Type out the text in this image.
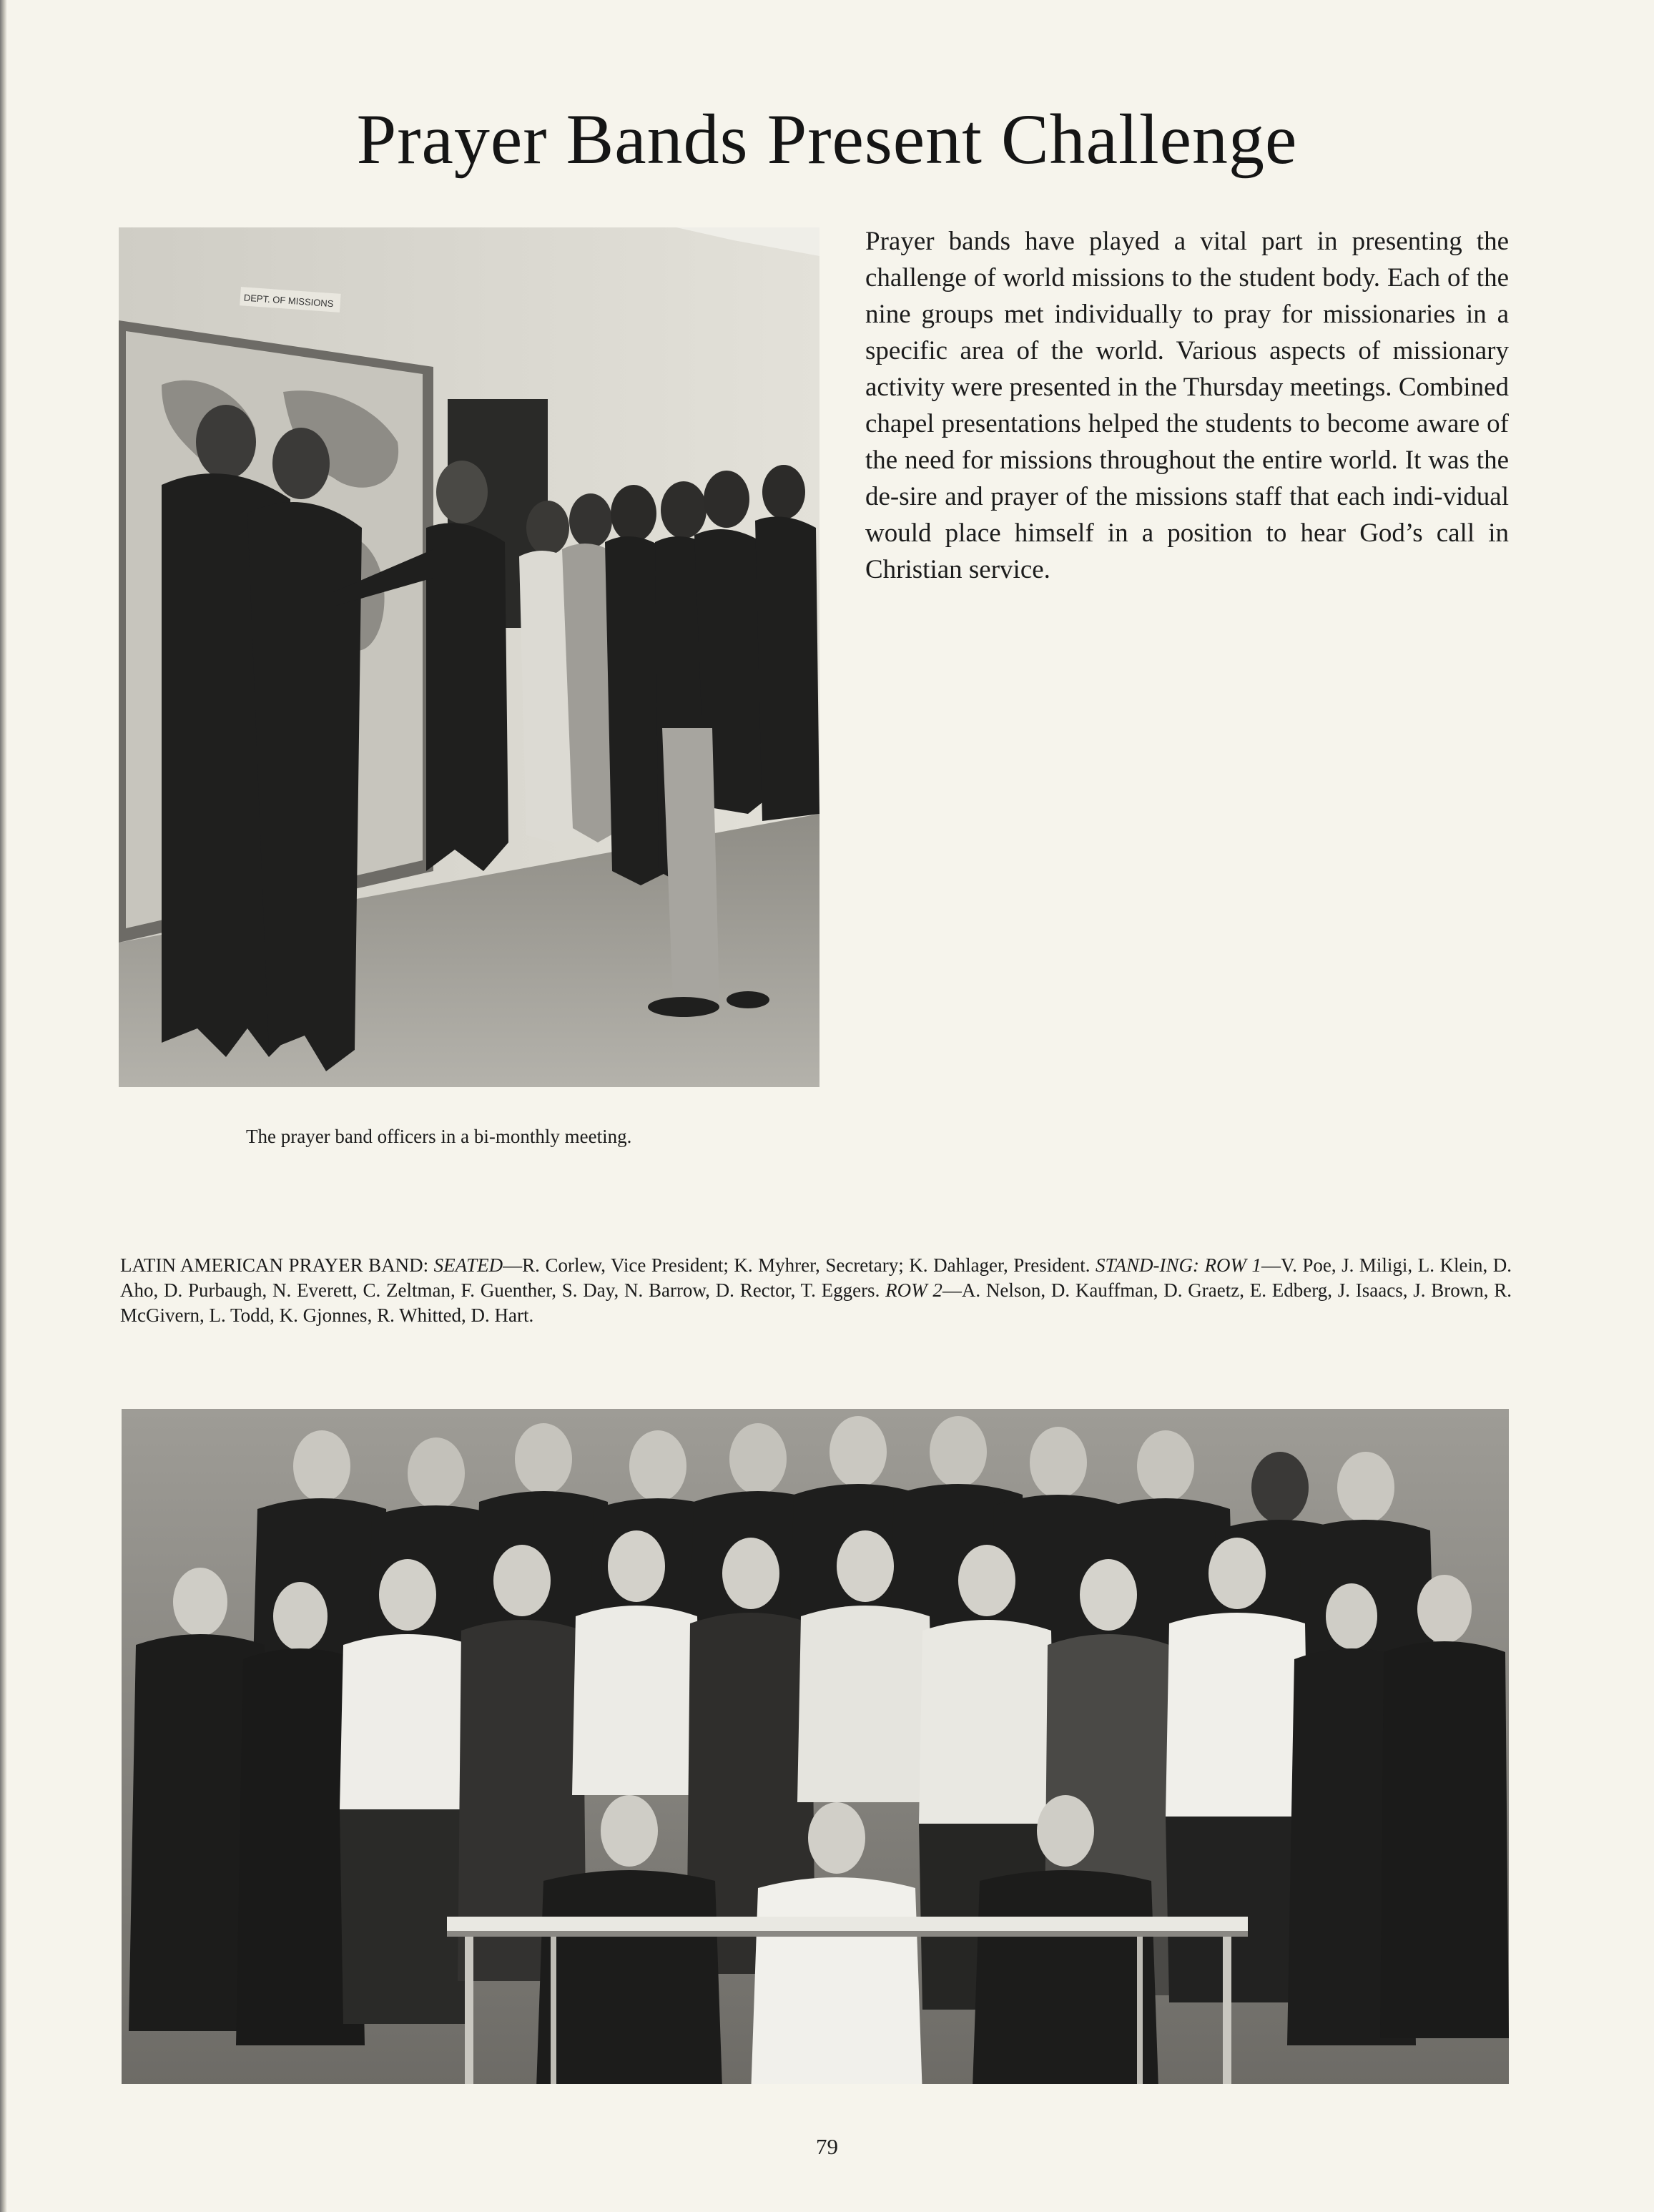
Prayer Bands Present Challenge
DEPT. OF MISSIONS

Prayer bands have played a vital part in presenting the challenge of world missions to the student body. Each of the nine groups met individually to pray for missionaries in a specific area of the world. Various aspects of missionary activity were presented in the Thursday meetings. Combined chapel presentations helped the students to become aware of the need for missions throughout the entire world. It was the de-sire and prayer of the missions staff that each indi-vidual would place himself in a position to hear God’s call in Christian service.

The prayer band officers in a bi-monthly meeting.

LATIN AMERICAN PRAYER BAND: SEATED—R. Corlew, Vice President; K. Myhrer, Secretary; K. Dahlager, President. STAND-ING: ROW 1—V. Poe, J. Miligi, L. Klein, D. Aho, D. Purbaugh, N. Everett, C. Zeltman, F. Guenther, S. Day, N. Barrow, D. Rector, T. Eggers. ROW 2—A. Nelson, D. Kauffman, D. Graetz, E. Edberg, J. Isaacs, J. Brown, R. McGivern, L. Todd, K. Gjonnes, R. Whitted, D. Hart.

79
